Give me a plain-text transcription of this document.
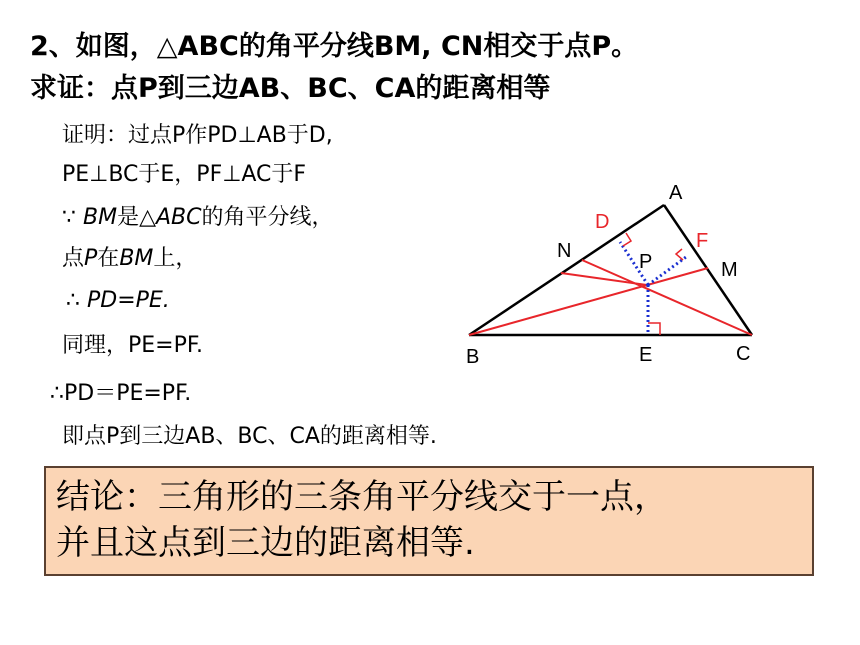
2、如图，△ABC的角平分线BM, CN相交于点P。
求证：点P到三边AB、BC、CA的距离相等
证明：过点P作PD⊥AB于D,
PE⊥BC于E，PF⊥AC于F
∵ BM是△ABC的角平分线，
点P在BM上，
∴ PD=PE.
同理，PE=PF.
∴PD＝PE=PF.
即点P到三边AB、BC、CA的距离相等.
A
B	C
D
E
F
M
N	P
结论：三角形的三条角平分线交于一点，
并且这点到三边的距离相等.
